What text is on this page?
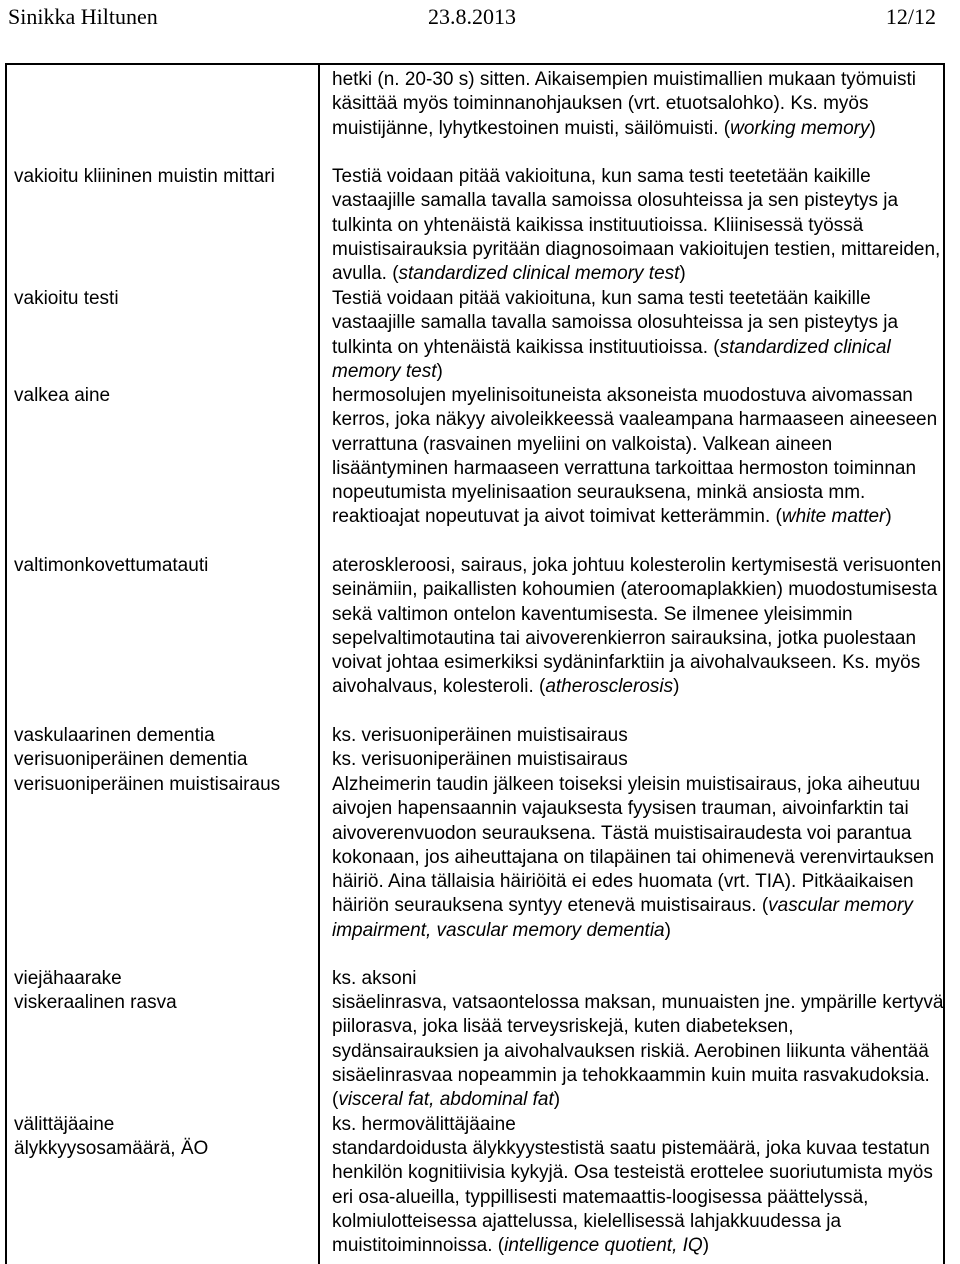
Sinikka Hiltunen	23.8.2013	12/12
vakioitu kliininen muistin mittari
vakioitu testi
valkea aine
valtimonkovettumatauti
vaskulaarinen dementia
verisuoniperäinen dementia
verisuoniperäinen muistisairaus
viejähaarake
viskeraalinen rasva
välittäjäaine
älykkyysosamäärä, ÄO
hetki (n. 20-30 s) sitten. Aikaisempien muistimallien mukaan työmuisti käsittää myös toiminnanohjauksen (vrt. etuotsalohko). Ks. myös muistijänne, lyhytkestoinen muisti, säilömuisti. (working memory)
Testiä voidaan pitää vakioituna, kun sama testi teetetään kaikille vastaajille samalla tavalla samoissa olosuhteissa ja sen pisteytys ja tulkinta on yhtenäistä kaikissa instituutioissa. Kliinisessä työssä muistisairauksia pyritään diagnosoimaan vakioitujen testien, mittareiden, avulla. (standardized clinical memory test)
Testiä voidaan pitää vakioituna, kun sama testi teetetään kaikille vastaajille samalla tavalla samoissa olosuhteissa ja sen pisteytys ja tulkinta on yhtenäistä kaikissa instituutioissa. (standardized clinical memory test)
hermosolujen myelinisoituneista aksoneista muodostuva aivomassan kerros, joka näkyy aivoleikkeessä vaaleampana harmaaseen aineeseen verrattuna (rasvainen myeliini on valkoista). Valkean aineen lisääntyminen harmaaseen verrattuna tarkoittaa hermoston toiminnan nopeutumista myelinisaation seurauksena, minkä ansiosta mm. reaktioajat nopeutuvat ja aivot toimivat ketterämmin. (white matter)
ateroskleroosi, sairaus, joka johtuu kolesterolin kertymisestä verisuonten seinämiin, paikallisten kohoumien (ateroomaplakkien) muodostumisesta sekä valtimon ontelon kaventumisesta. Se ilmenee yleisimmin sepelvaltimotautina tai aivoverenkierron sairauksina, jotka puolestaan voivat johtaa esimerkiksi sydäninfarktiin ja aivohalvaukseen. Ks. myös aivohalvaus, kolesteroli. (atherosclerosis)
ks. verisuoniperäinen muistisairaus
ks. verisuoniperäinen muistisairaus
Alzheimerin taudin jälkeen toiseksi yleisin muistisairaus, joka aiheutuu aivojen hapensaannin vajauksesta fyysisen trauman, aivoinfarktin tai aivoverenvuodon seurauksena. Tästä muistisairaudesta voi parantua kokonaan, jos aiheuttajana on tilapäinen tai ohimenevä verenvirtauksen häiriö. Aina tällaisia häiriöitä ei edes huomata (vrt. TIA). Pitkäaikaisen häiriön seurauksena syntyy etenevä muistisairaus. (vascular memory impairment, vascular memory dementia)
ks. aksoni
sisäelinrasva, vatsaontelossa maksan, munuaisten jne. ympärille kertyvä piilorasva, joka lisää terveysriskejä, kuten diabeteksen, sydänsairauksien ja aivohalvauksen riskiä. Aerobinen liikunta vähentää sisäelinrasvaa nopeammin ja tehokkaammin kuin muita rasvakudoksia. (visceral fat, abdominal fat)
ks. hermovälittäjäaine
standardoidusta älykkyystestistä saatu pistemäärä, joka kuvaa testatun henkilön kognitiivisia kykyjä. Osa testeistä erottelee suoriutumista myös eri osa-alueilla, typpillisesti matemaattis-loogisessa päättelyssä, kolmiulotteisessa ajattelussa, kielellisessä lahjakkuudessa ja muistitoiminnoissa. (intelligence quotient, IQ)
